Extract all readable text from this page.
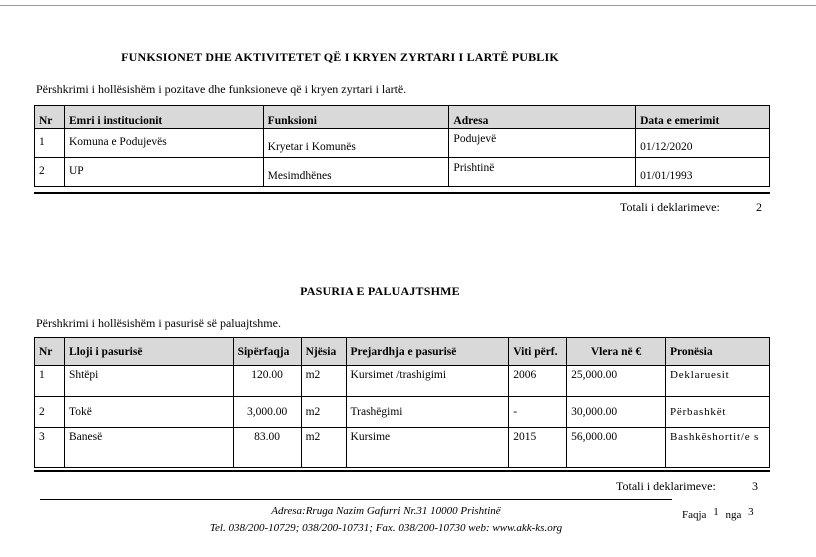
FUNKSIONET DHE AKTIVITETET QË I KRYEN ZYRTARI I LARTË PUBLIK
Përshkrimi i hollësishëm i pozitave dhe funksioneve që i kryen zyrtari i lartë.
Nr	Emri i institucionit	Funksioni	Adresa	Data e emerimit
1	Komuna e Podujevës	Kryetar i Komunës	Podujevë	01/12/2020
2	UP	Mesimdhënes	Prishtinë	01/01/1993
Totali i deklarimeve:	2
PASURIA E PALUAJTSHME
Përshkrimi i hollësishëm i pasurisë së paluajtshme.
Nr	Lloji i pasurisë	Sipërfaqja	Njësia	Prejardhja e pasurisë	Viti përf.	Vlera në €	Pronësia
1	Shtëpi	120.00	m2	Kursimet /trashigimi	2006	25,000.00	Deklaruesit
2	Tokë	3,000.00	m2	Trashëgimi	-	30,000.00	Përbashkët
3	Banesë	83.00	m2	Kursime	2015	56,000.00	Bashkëshortit/e s
Totali i deklarimeve:	3
Adresa:Rruga Nazim Gafurri Nr.31 10000 Prishtinë
Tel. 038/200-10729; 038/200-10731; Fax. 038/200-10730 web: www.akk-ks.org
Faqja 1 nga 3
